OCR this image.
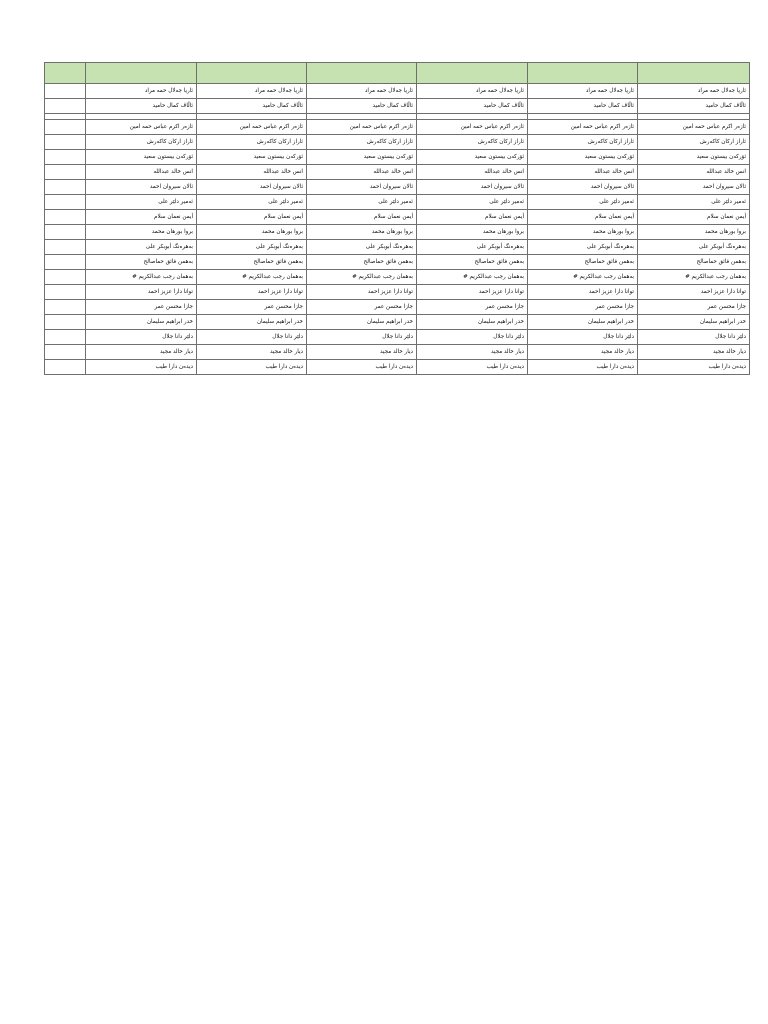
	ئاریا جەلال حمه مراد	ئاریا جەلال حمه مراد	ئاریا جەلال حمه مراد	ئاریا جەلال حمه مراد	ئاریا جەلال حمه مراد	ئاریا جەلال حمه مراد
	ئاڵاڤ کمال حامید	ئاڵاڤ کمال حامید	ئاڵاڤ کمال حامید	ئاڵاڤ کمال حامید	ئاڵاڤ کمال حامید	ئاڵاڤ کمال حامید

	ئازەر اکرم عباس حمه امین	ئازەر اکرم عباس حمه امین	ئازەر اکرم عباس حمه امین	ئازەر اکرم عباس حمه امین	ئازەر اکرم عباس حمه امین	ئازەر اکرم عباس حمه امین
	ئاراز ارکان کاکەرش	ئاراز ارکان کاکەرش	ئاراز ارکان کاکەرش	ئاراز ارکان کاکەرش	ئاراز ارکان کاکەرش	ئاراز ارکان کاکەرش
	ئۆرکەن بیستون سعید	ئۆرکەن بیستون سعید	ئۆرکەن بیستون سعید	ئۆرکەن بیستون سعید	ئۆرکەن بیستون سعید	ئۆرکەن بیستون سعید
	انس خالد عبدالله	انس خالد عبدالله	انس خالد عبدالله	انس خالد عبدالله	انس خالد عبدالله	انس خالد عبدالله
	ئالان سیروان احمد	ئالان سیروان احمد	ئالان سیروان احمد	ئالان سیروان احمد	ئالان سیروان احمد	ئالان سیروان احمد
	ئەمیر دلێر علی	ئەمیر دلێر علی	ئەمیر دلێر علی	ئەمیر دلێر علی	ئەمیر دلێر علی	ئەمیر دلێر علی
	أیمن نعمان سلام	أیمن نعمان سلام	أیمن نعمان سلام	أیمن نعمان سلام	أیمن نعمان سلام	أیمن نعمان سلام
	بروا بورهان محمد	بروا بورهان محمد	بروا بورهان محمد	بروا بورهان محمد	بروا بورهان محمد	بروا بورهان محمد
	بەهرەنگ أبوبکر علی	بەهرەنگ أبوبکر علی	بەهرەنگ أبوبکر علی	بەهرەنگ أبوبکر علی	بەهرەنگ أبوبکر علی	بەهرەنگ أبوبکر علی
	بەهمن فائق حماصالح	بەهمن فائق حماصالح	بەهمن فائق حماصالح	بەهمن فائق حماصالح	بەهمن فائق حماصالح	بەهمن فائق حماصالح
	بەهمان رجب عبدالکریم #	بەهمان رجب عبدالکریم #	بەهمان رجب عبدالکریم #	بەهمان رجب عبدالکریم #	بەهمان رجب عبدالکریم #	بەهمان رجب عبدالکریم #
	توانا دارا عزیز احمد	توانا دارا عزیز احمد	توانا دارا عزیز احمد	توانا دارا عزیز احمد	توانا دارا عزیز احمد	توانا دارا عزیز احمد
	جازا محسن عمر	جازا محسن عمر	جازا محسن عمر	جازا محسن عمر	جازا محسن عمر	جازا محسن عمر
	خدر ابراهیم سلیمان	خدر ابراهیم سلیمان	خدر ابراهیم سلیمان	خدر ابراهیم سلیمان	خدر ابراهیم سلیمان	خدر ابراهیم سلیمان
	دلێر دانا جلال	دلێر دانا جلال	دلێر دانا جلال	دلێر دانا جلال	دلێر دانا جلال	دلێر دانا جلال
	دیار خالد مجید	دیار خالد مجید	دیار خالد مجید	دیار خالد مجید	دیار خالد مجید	دیار خالد مجید
	دیدەن دارا طیب	دیدەن دارا طیب	دیدەن دارا طیب	دیدەن دارا طیب	دیدەن دارا طیب	دیدەن دارا طیب
